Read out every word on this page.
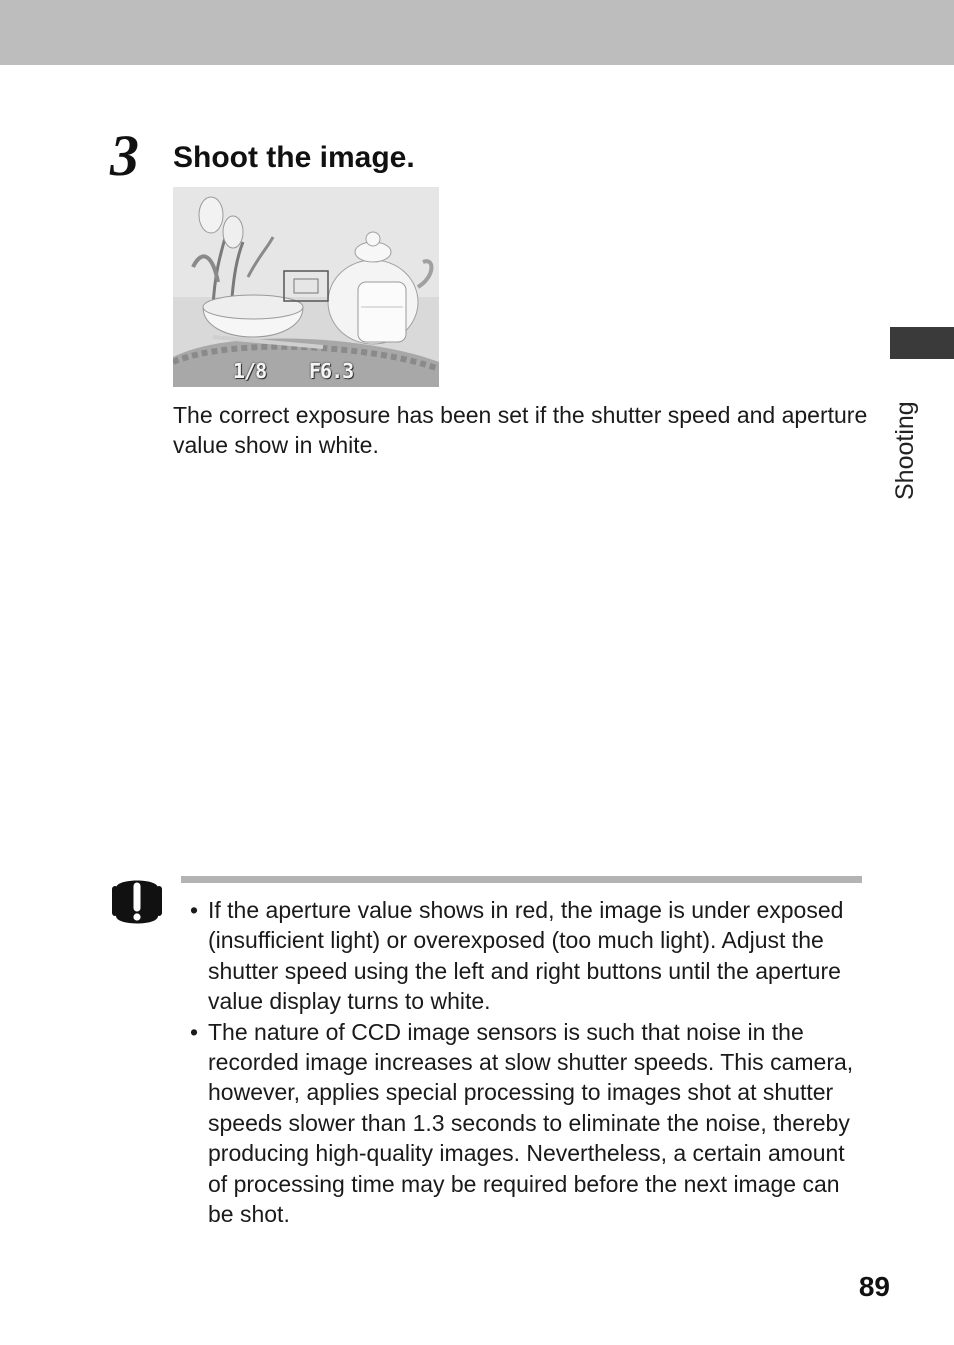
3	Shoot the image.
1/8 F6.3
The correct exposure has been set if the shutter speed and aperture value show in white.	Shooting
• If the aperture value shows in red, the image is under exposed (insufficient light) or overexposed (too much light). Adjust the shutter speed using the left and right buttons until the aperture value display turns to white.
• The nature of CCD image sensors is such that noise in the recorded image increases at slow shutter speeds. This camera, however, applies special processing to images shot at shutter speeds slower than 1.3 seconds to eliminate the noise, thereby producing high-quality images. Nevertheless, a certain amount of processing time may be required before the next image can be shot.
89
